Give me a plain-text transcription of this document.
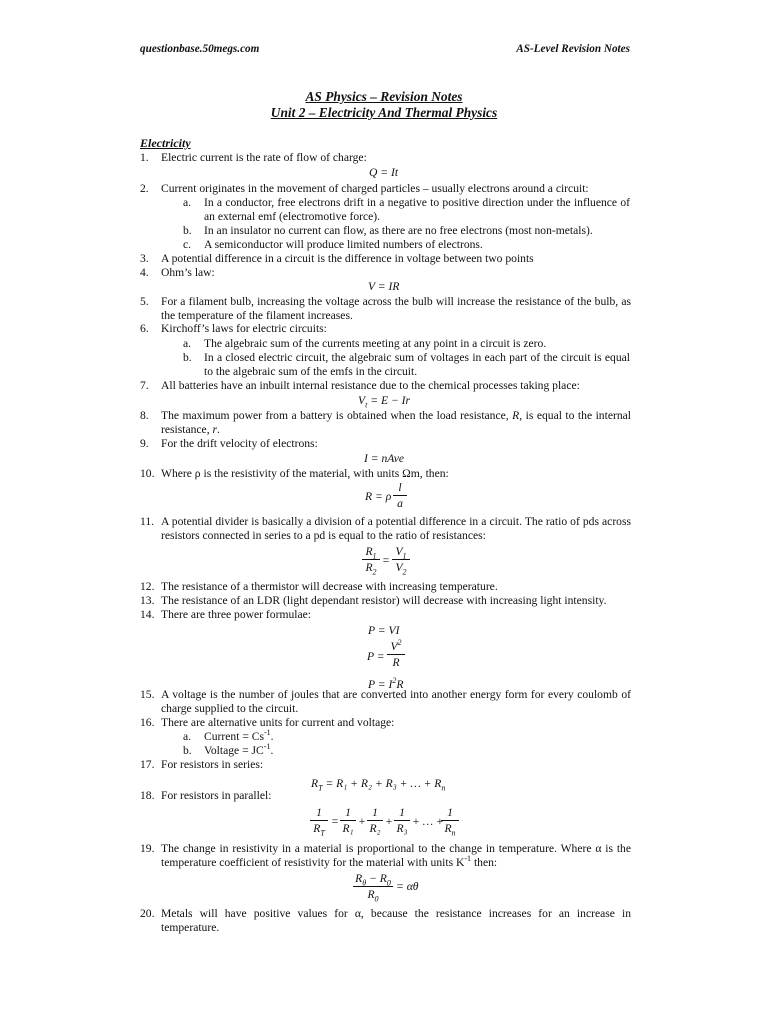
questionbase.50megs.com	AS-Level Revision Notes
AS Physics – Revision Notes
Unit 2 – Electricity And Thermal Physics
Electricity
1. Electric current is the rate of flow of charge:
Q = It
2. Current originates in the movement of charged particles – usually electrons around a circuit:
a. In a conductor, free electrons drift in a negative to positive direction under the influence of an external emf (electromotive force).
b. In an insulator no current can flow, as there are no free electrons (most non-metals).
c. A semiconductor will produce limited numbers of electrons.
3. A potential difference in a circuit is the difference in voltage between two points
4. Ohm’s law:
V = IR
5. For a filament bulb, increasing the voltage across the bulb will increase the resistance of the bulb, as the temperature of the filament increases.
6. Kirchoff’s laws for electric circuits:
a. The algebraic sum of the currents meeting at any point in a circuit is zero.
b. In a closed electric circuit, the algebraic sum of voltages in each part of the circuit is equal to the algebraic sum of the emfs in the circuit.
7. All batteries have an inbuilt internal resistance due to the chemical processes taking place:
$V_t = E - Ir$
8. The maximum power from a battery is obtained when the load resistance, R, is equal to the internal resistance, r.
9. For the drift velocity of electrons:
I = nAve
10. Where ρ is the resistivity of the material, with units Ωm, then:
R = ρ
l
a
11. A potential divider is basically a division of a potential difference in a circuit. The ratio of pds across resistors connected in series to a pd is equal to the ratio of resistances:
$R_1$
$R_2$
=
$V_1$
$V_2$
12. The resistance of a thermistor will decrease with increasing temperature.
13. The resistance of an LDR (light dependant resistor) will decrease with increasing light intensity.
14. There are three power formulae:
P = VI
P =
$V^2$
R
$P = I^2R$
15. A voltage is the number of joules that are converted into another energy form for every coulomb of charge supplied to the circuit.
16. There are alternative units for current and voltage:
a. Current = $Cs^{-1}$.
b. Voltage = $JC^{-1}$.
17. For resistors in series:
$R_T = R_1 + R_2 + R_3$ + … + $R_n$
18. For resistors in parallel:
1
$R_T$
=
1
R₁
+
1
R₂
+
1
R₃
+ … +
1
$R_n$
19. The change in resistivity in a material is proportional to the change in temperature. Where α is the temperature coefficient of resistivity for the material with units $K^{-1}$ then:
$R_\theta - R_0$
$R_0$
= αθ
20. Metals will have positive values for α, because the resistance increases for an increase in temperature.
